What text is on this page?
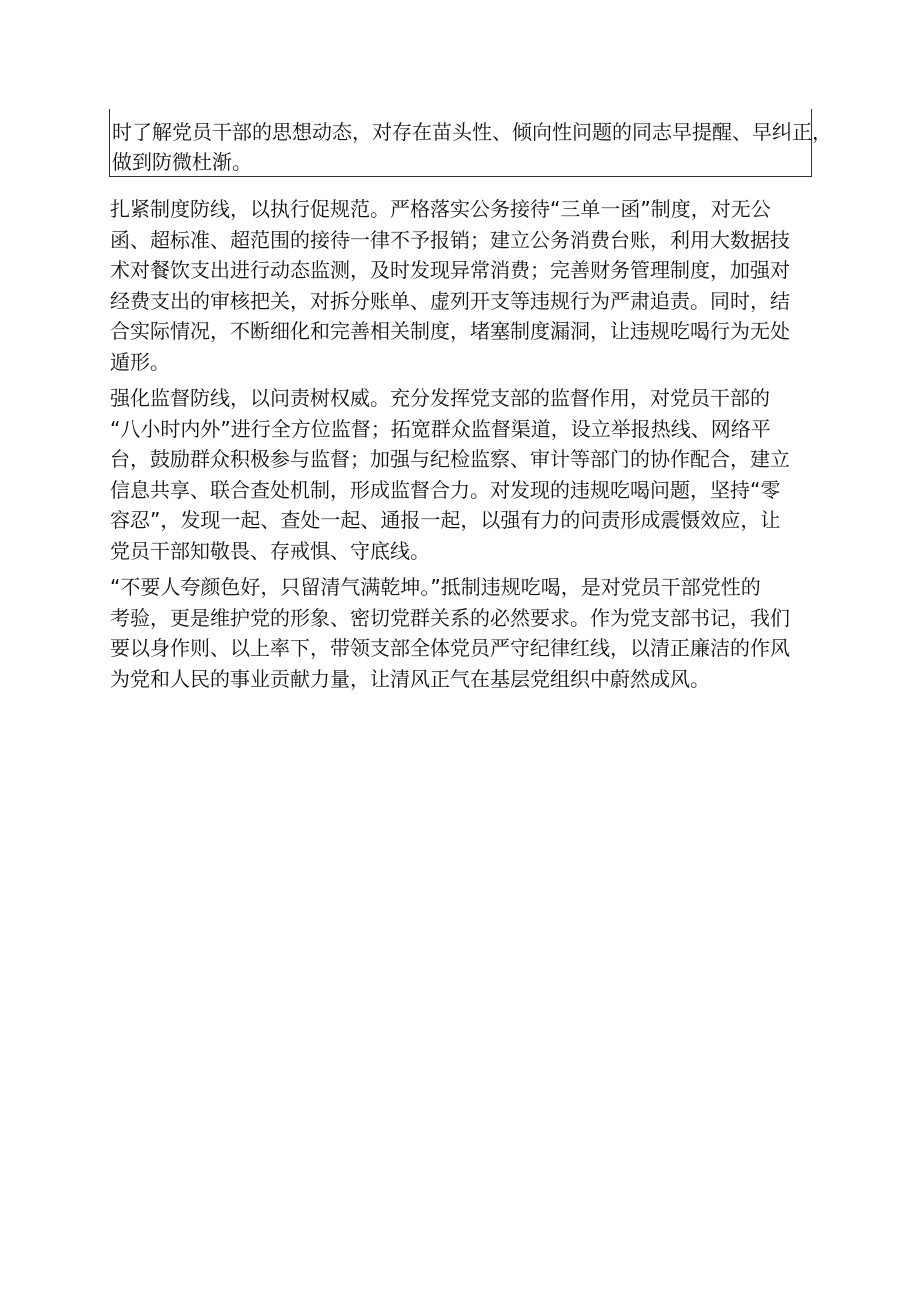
时了解党员干部的思想动态，对存在苗头性、倾向性问题的同志早提醒、早纠正，
做到防微杜渐。

扎紧制度防线，以执行促规范。严格落实公务接待“三单一函”制度，对无公
函、超标准、超范围的接待一律不予报销；建立公务消费台账，利用大数据技
术对餐饮支出进行动态监测，及时发现异常消费；完善财务管理制度，加强对
经费支出的审核把关，对拆分账单、虚列开支等违规行为严肃追责。同时，结
合实际情况，不断细化和完善相关制度，堵塞制度漏洞，让违规吃喝行为无处
遁形。

强化监督防线，以问责树权威。充分发挥党支部的监督作用，对党员干部的
“八小时内外”进行全方位监督；拓宽群众监督渠道，设立举报热线、网络平
台，鼓励群众积极参与监督；加强与纪检监察、审计等部门的协作配合，建立
信息共享、联合查处机制，形成监督合力。对发现的违规吃喝问题，坚持“零
容忍”，发现一起、查处一起、通报一起，以强有力的问责形成震慑效应，让
党员干部知敬畏、存戒惧、守底线。

“不要人夸颜色好，只留清气满乾坤。”抵制违规吃喝，是对党员干部党性的
考验，更是维护党的形象、密切党群关系的必然要求。作为党支部书记，我们
要以身作则、以上率下，带领支部全体党员严守纪律红线，以清正廉洁的作风
为党和人民的事业贡献力量，让清风正气在基层党组织中蔚然成风。
